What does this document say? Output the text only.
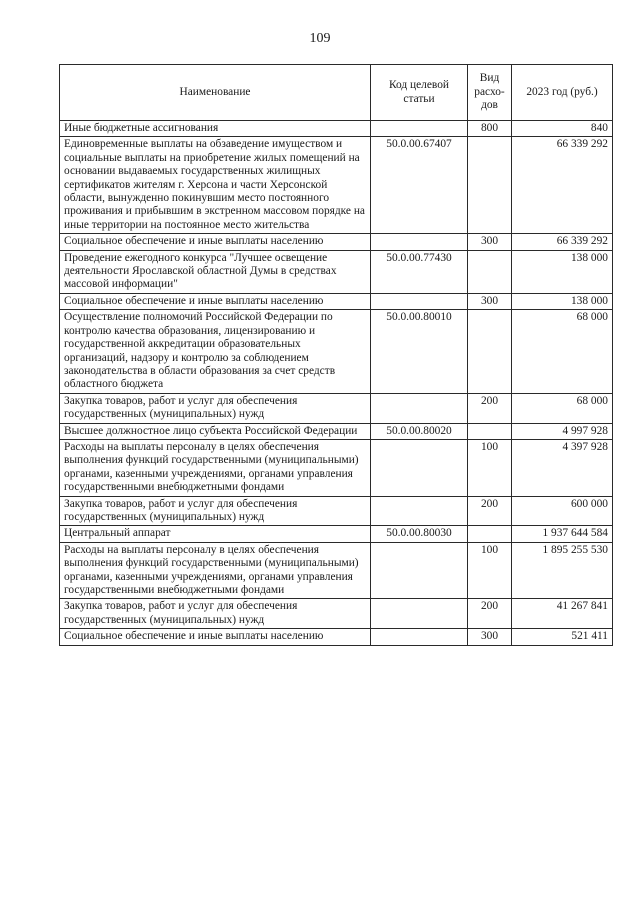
109
Наименование	Код целевой статьи	Вид расхо-дов	2023 год (руб.)
Иные бюджетные ассигнования		800	840
Единовременные выплаты на обзаведение имуществом и социальные выплаты на приобретение жилых помещений на основании выдаваемых государственных жилищных сертификатов жителям г. Херсона и части Херсонской области, вынужденно покинувшим место постоянного проживания и прибывшим в экстренном массовом порядке на иные территории на постоянное место жительства	50.0.00.67407		66 339 292
Социальное обеспечение и иные выплаты населению		300	66 339 292
Проведение ежегодного конкурса "Лучшее освещение деятельности Ярославской областной Думы в средствах массовой информации"	50.0.00.77430		138 000
Социальное обеспечение и иные выплаты населению		300	138 000
Осуществление полномочий Российской Федерации по контролю качества образования, лицензированию и государственной аккредитации образовательных организаций, надзору и контролю за соблюдением законодательства в области образования за счет средств областного бюджета	50.0.00.80010		68 000
Закупка товаров, работ и услуг для обеспечения государственных (муниципальных) нужд		200	68 000
Высшее должностное лицо субъекта Российской Федерации	50.0.00.80020		4 997 928
Расходы на выплаты персоналу в целях обеспечения выполнения функций государственными (муниципальными) органами, казенными учреждениями, органами управления государственными внебюджетными фондами		100	4 397 928
Закупка товаров, работ и услуг для обеспечения государственных (муниципальных) нужд		200	600 000
Центральный аппарат	50.0.00.80030		1 937 644 584
Расходы на выплаты персоналу в целях обеспечения выполнения функций государственными (муниципальными) органами, казенными учреждениями, органами управления государственными внебюджетными фондами		100	1 895 255 530
Закупка товаров, работ и услуг для обеспечения государственных (муниципальных) нужд		200	41 267 841
Социальное обеспечение и иные выплаты населению		300	521 411
